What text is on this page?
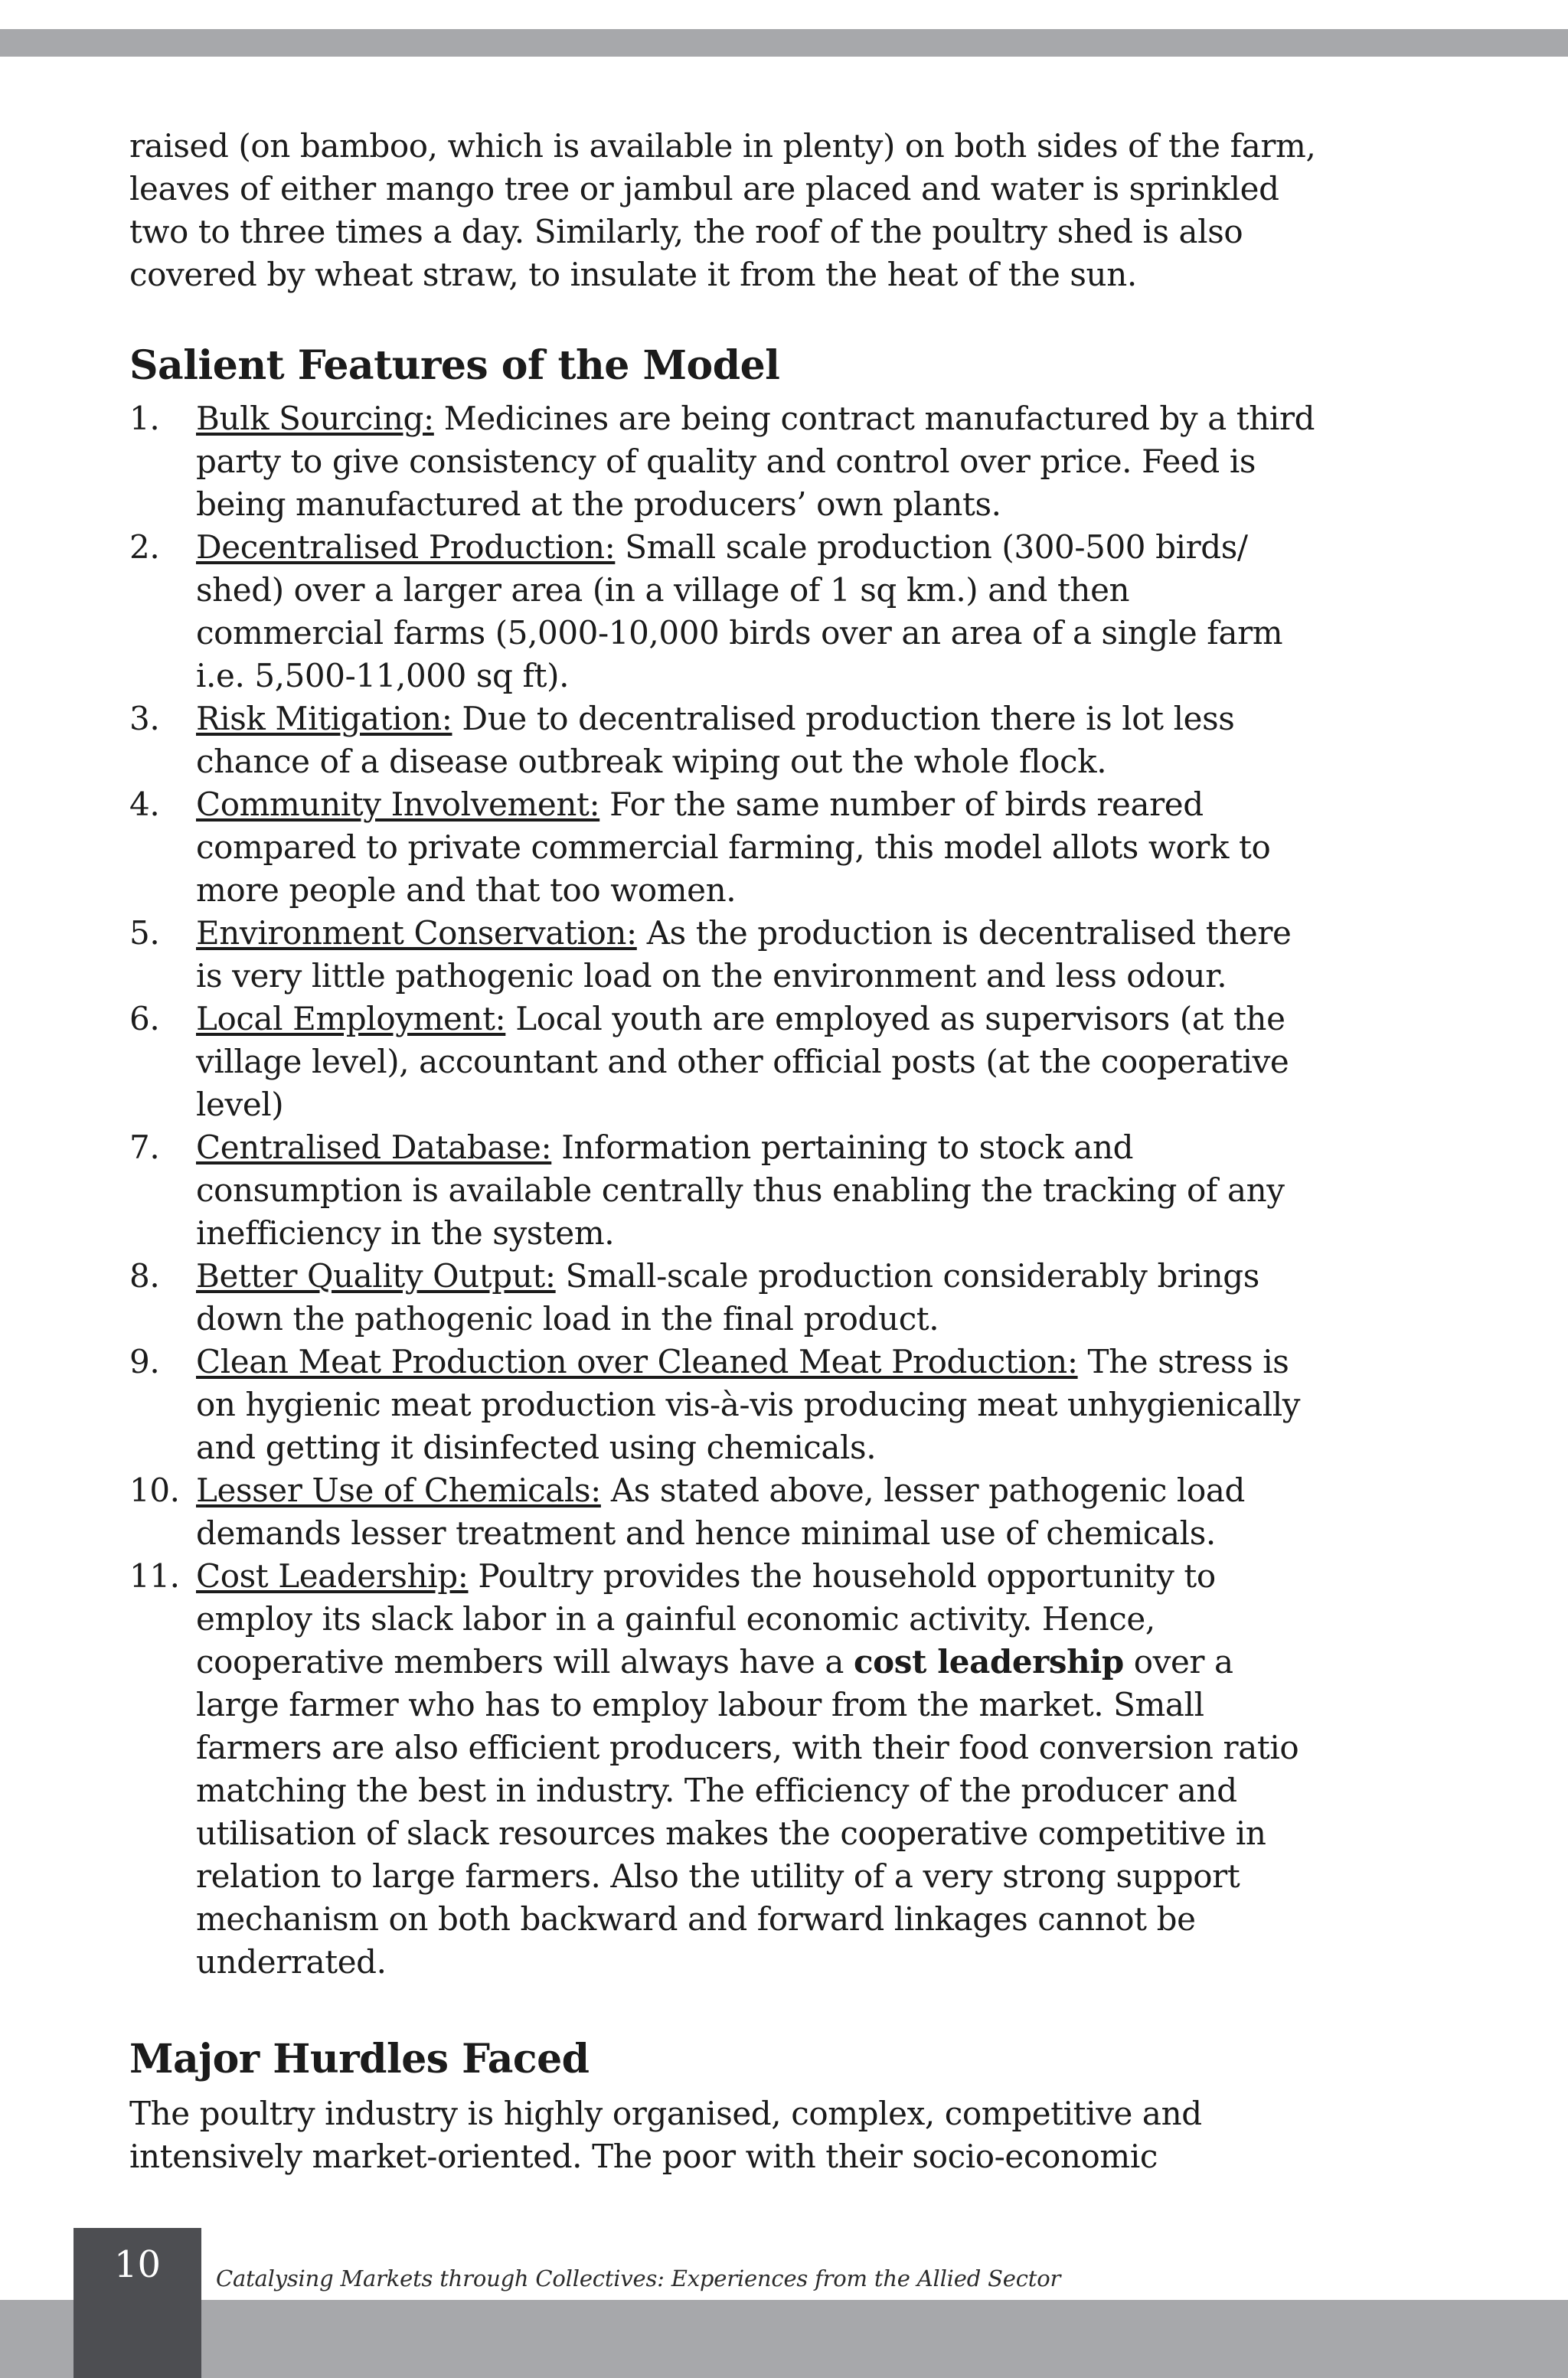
raised (on bamboo, which is available in plenty) on both sides of the farm, leaves of either mango tree or jambul are placed and water is sprinkled two to three times a day. Similarly, the roof of the poultry shed is also covered by wheat straw, to insulate it from the heat of the sun.

Salient Features of the Model
1. Bulk Sourcing: Medicines are being contract manufactured by a third party to give consistency of quality and control over price. Feed is being manufactured at the producers’ own plants.
2. Decentralised Production: Small scale production (300-500 birds/ shed) over a larger area (in a village of 1 sq km.) and then commercial farms (5,000-10,000 birds over an area of a single farm i.e. 5,500-11,000 sq ft).
3. Risk Mitigation: Due to decentralised production there is lot less chance of a disease outbreak wiping out the whole flock.
4. Community Involvement: For the same number of birds reared compared to private commercial farming, this model allots work to more people and that too women.
5. Environment Conservation: As the production is decentralised there is very little pathogenic load on the environment and less odour.
6. Local Employment: Local youth are employed as supervisors (at the village level), accountant and other official posts (at the cooperative level)
7. Centralised Database: Information pertaining to stock and consumption is available centrally thus enabling the tracking of any inefficiency in the system.
8. Better Quality Output: Small-scale production considerably brings down the pathogenic load in the final product.
9. Clean Meat Production over Cleaned Meat Production: The stress is on hygienic meat production vis-à-vis producing meat unhygienically and getting it disinfected using chemicals.
10. Lesser Use of Chemicals: As stated above, lesser pathogenic load demands lesser treatment and hence minimal use of chemicals.
11. Cost Leadership: Poultry provides the household opportunity to employ its slack labor in a gainful economic activity. Hence, cooperative members will always have a cost leadership over a large farmer who has to employ labour from the market. Small farmers are also efficient producers, with their food conversion ratio matching the best in industry. The efficiency of the producer and utilisation of slack resources makes the cooperative competitive in relation to large farmers. Also the utility of a very strong support mechanism on both backward and forward linkages cannot be underrated.
Major Hurdles Faced

The poultry industry is highly organised, complex, competitive and intensively market-oriented. The poor with their socio-economic

10	Catalysing Markets through Collectives: Experiences from the Allied Sector
